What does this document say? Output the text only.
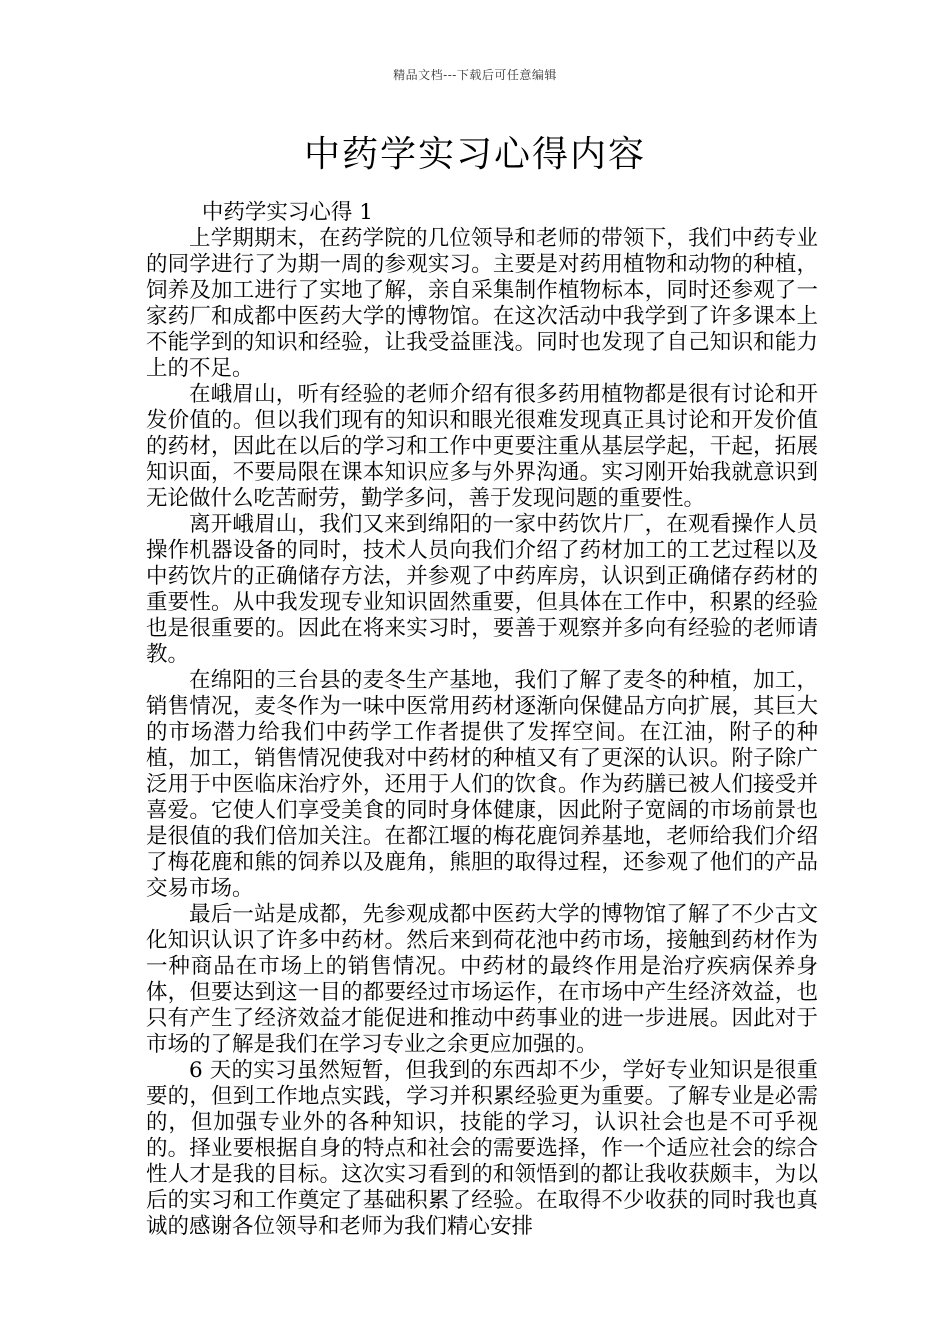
精品文档---下载后可任意编辑
中药学实习心得内容

中药学实习心得 1

上学期期末，在药学院的几位领导和老师的带领下，我们中药专业的同学进行了为期一周的参观实习。主要是对药用植物和动物的种植，饲养及加工进行了实地了解，亲自采集制作植物标本，同时还参观了一家药厂和成都中医药大学的博物馆。在这次活动中我学到了许多课本上不能学到的知识和经验，让我受益匪浅。同时也发现了自己知识和能力上的不足。

在峨眉山，听有经验的老师介绍有很多药用植物都是很有讨论和开发价值的。但以我们现有的知识和眼光很难发现真正具讨论和开发价值的药材，因此在以后的学习和工作中更要注重从基层学起，干起，拓展知识面，不要局限在课本知识应多与外界沟通。实习刚开始我就意识到无论做什么吃苦耐劳，勤学多问，善于发现问题的重要性。

离开峨眉山，我们又来到绵阳的一家中药饮片厂，在观看操作人员操作机器设备的同时，技术人员向我们介绍了药材加工的工艺过程以及中药饮片的正确储存方法，并参观了中药库房，认识到正确储存药材的重要性。从中我发现专业知识固然重要，但具体在工作中，积累的经验也是很重要的。因此在将来实习时，要善于观察并多向有经验的老师请教。

在绵阳的三台县的麦冬生产基地，我们了解了麦冬的种植，加工，销售情况，麦冬作为一味中医常用药材逐渐向保健品方向扩展，其巨大的市场潜力给我们中药学工作者提供了发挥空间。在江油，附子的种植，加工，销售情况使我对中药材的种植又有了更深的认识。附子除广泛用于中医临床治疗外，还用于人们的饮食。作为药膳已被人们接受并喜爱。它使人们享受美食的同时身体健康，因此附子宽阔的市场前景也是很值的我们倍加关注。在都江堰的梅花鹿饲养基地，老师给我们介绍了梅花鹿和熊的饲养以及鹿角，熊胆的取得过程，还参观了他们的产品交易市场。

最后一站是成都，先参观成都中医药大学的博物馆了解了不少古文化知识认识了许多中药材。然后来到荷花池中药市场，接触到药材作为一种商品在市场上的销售情况。中药材的最终作用是治疗疾病保养身体，但要达到这一目的都要经过市场运作，在市场中产生经济效益，也只有产生了经济效益才能促进和推动中药事业的进一步进展。因此对于市场的了解是我们在学习专业之余更应加强的。

6 天的实习虽然短暂，但我到的东西却不少，学好专业知识是很重要的，但到工作地点实践，学习并积累经验更为重要。了解专业是必需的，但加强专业外的各种知识，技能的学习，认识社会也是不可乎视的。择业要根据自身的特点和社会的需要选择，作一个适应社会的综合性人才是我的目标。这次实习看到的和领悟到的都让我收获颇丰，为以后的实习和工作奠定了基础积累了经验。在取得不少收获的同时我也真诚的感谢各位领导和老师为我们精心安排
